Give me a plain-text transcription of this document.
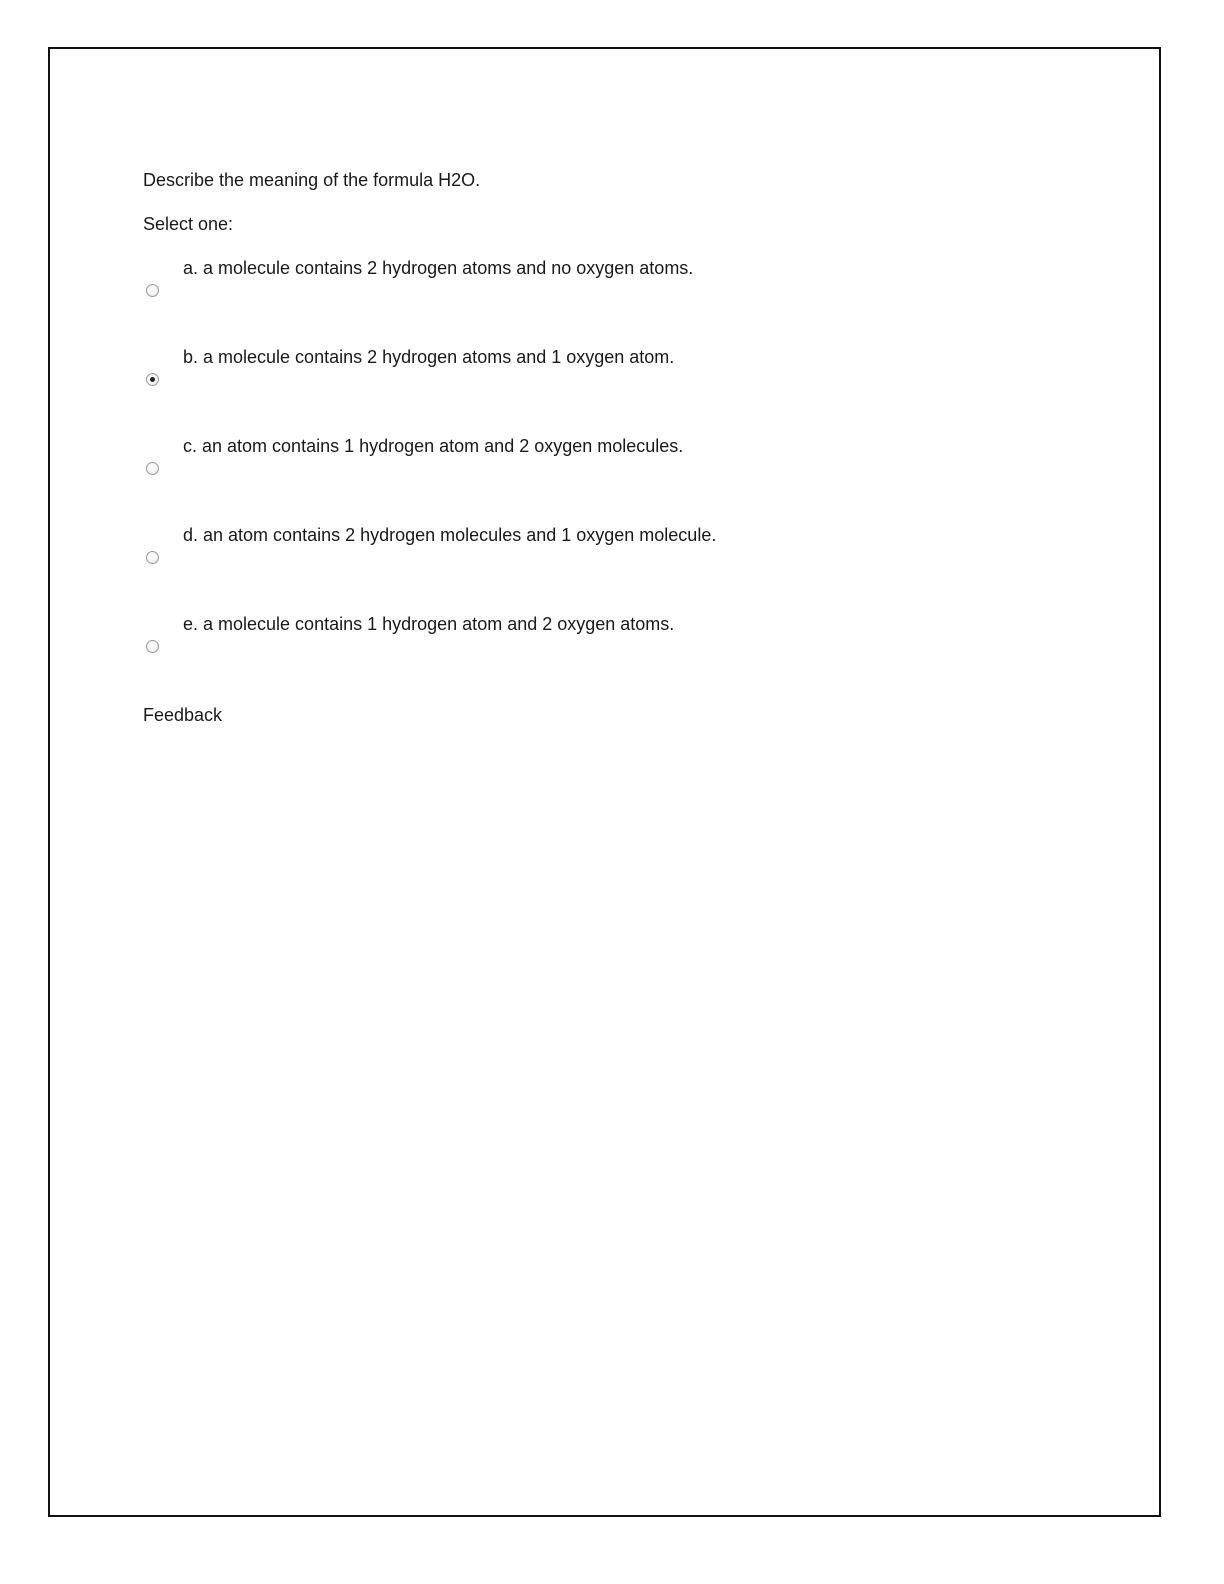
Describe the meaning of the formula H2O.

Select one:

a. a molecule contains 2 hydrogen atoms and no oxygen atoms.
b. a molecule contains 2 hydrogen atoms and 1 oxygen atom.
c. an atom contains 1 hydrogen atom and 2 oxygen molecules.
d. an atom contains 2 hydrogen molecules and 1 oxygen molecule.
e. a molecule contains 1 hydrogen atom and 2 oxygen atoms.

Feedback
